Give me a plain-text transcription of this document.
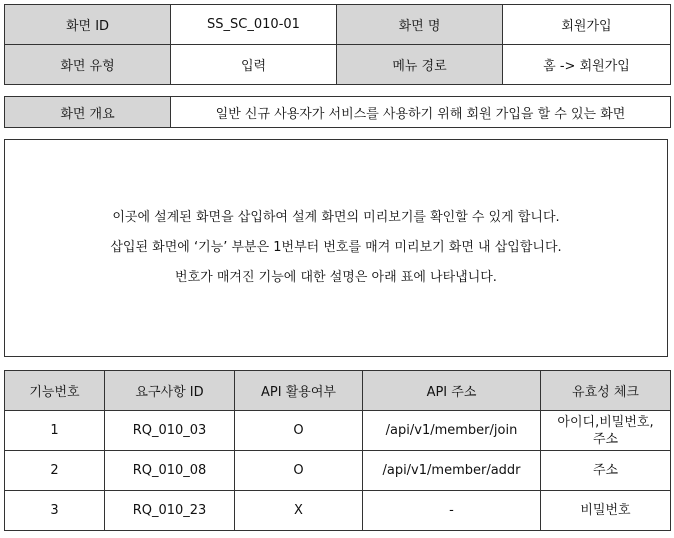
화면 ID	SS_SC_010-01	화면 명	회원가입
화면 유형	입력	메뉴 경로	홈 -> 회원가입
화면 개요	일반 신규 사용자가 서비스를 사용하기 위해 회원 가입을 할 수 있는 화면

이곳에 설계된 화면을 삽입하여 설계 화면의 미리보기를 확인할 수 있게 합니다.

삽입된 화면에 ‘기능’ 부분은 1번부터 번호를 매겨 미리보기 화면 내 삽입합니다.

번호가 매겨진 기능에 대한 설명은 아래 표에 나타냅니다.

기능번호	요구사항 ID	API 활용여부	API 주소	유효성 체크
1	RQ_010_03	O	/api/v1/member/join	아이디,비밀번호,
주소
2	RQ_010_08	O	/api/v1/member/addr	주소
3	RQ_010_23	X	-	비밀번호
